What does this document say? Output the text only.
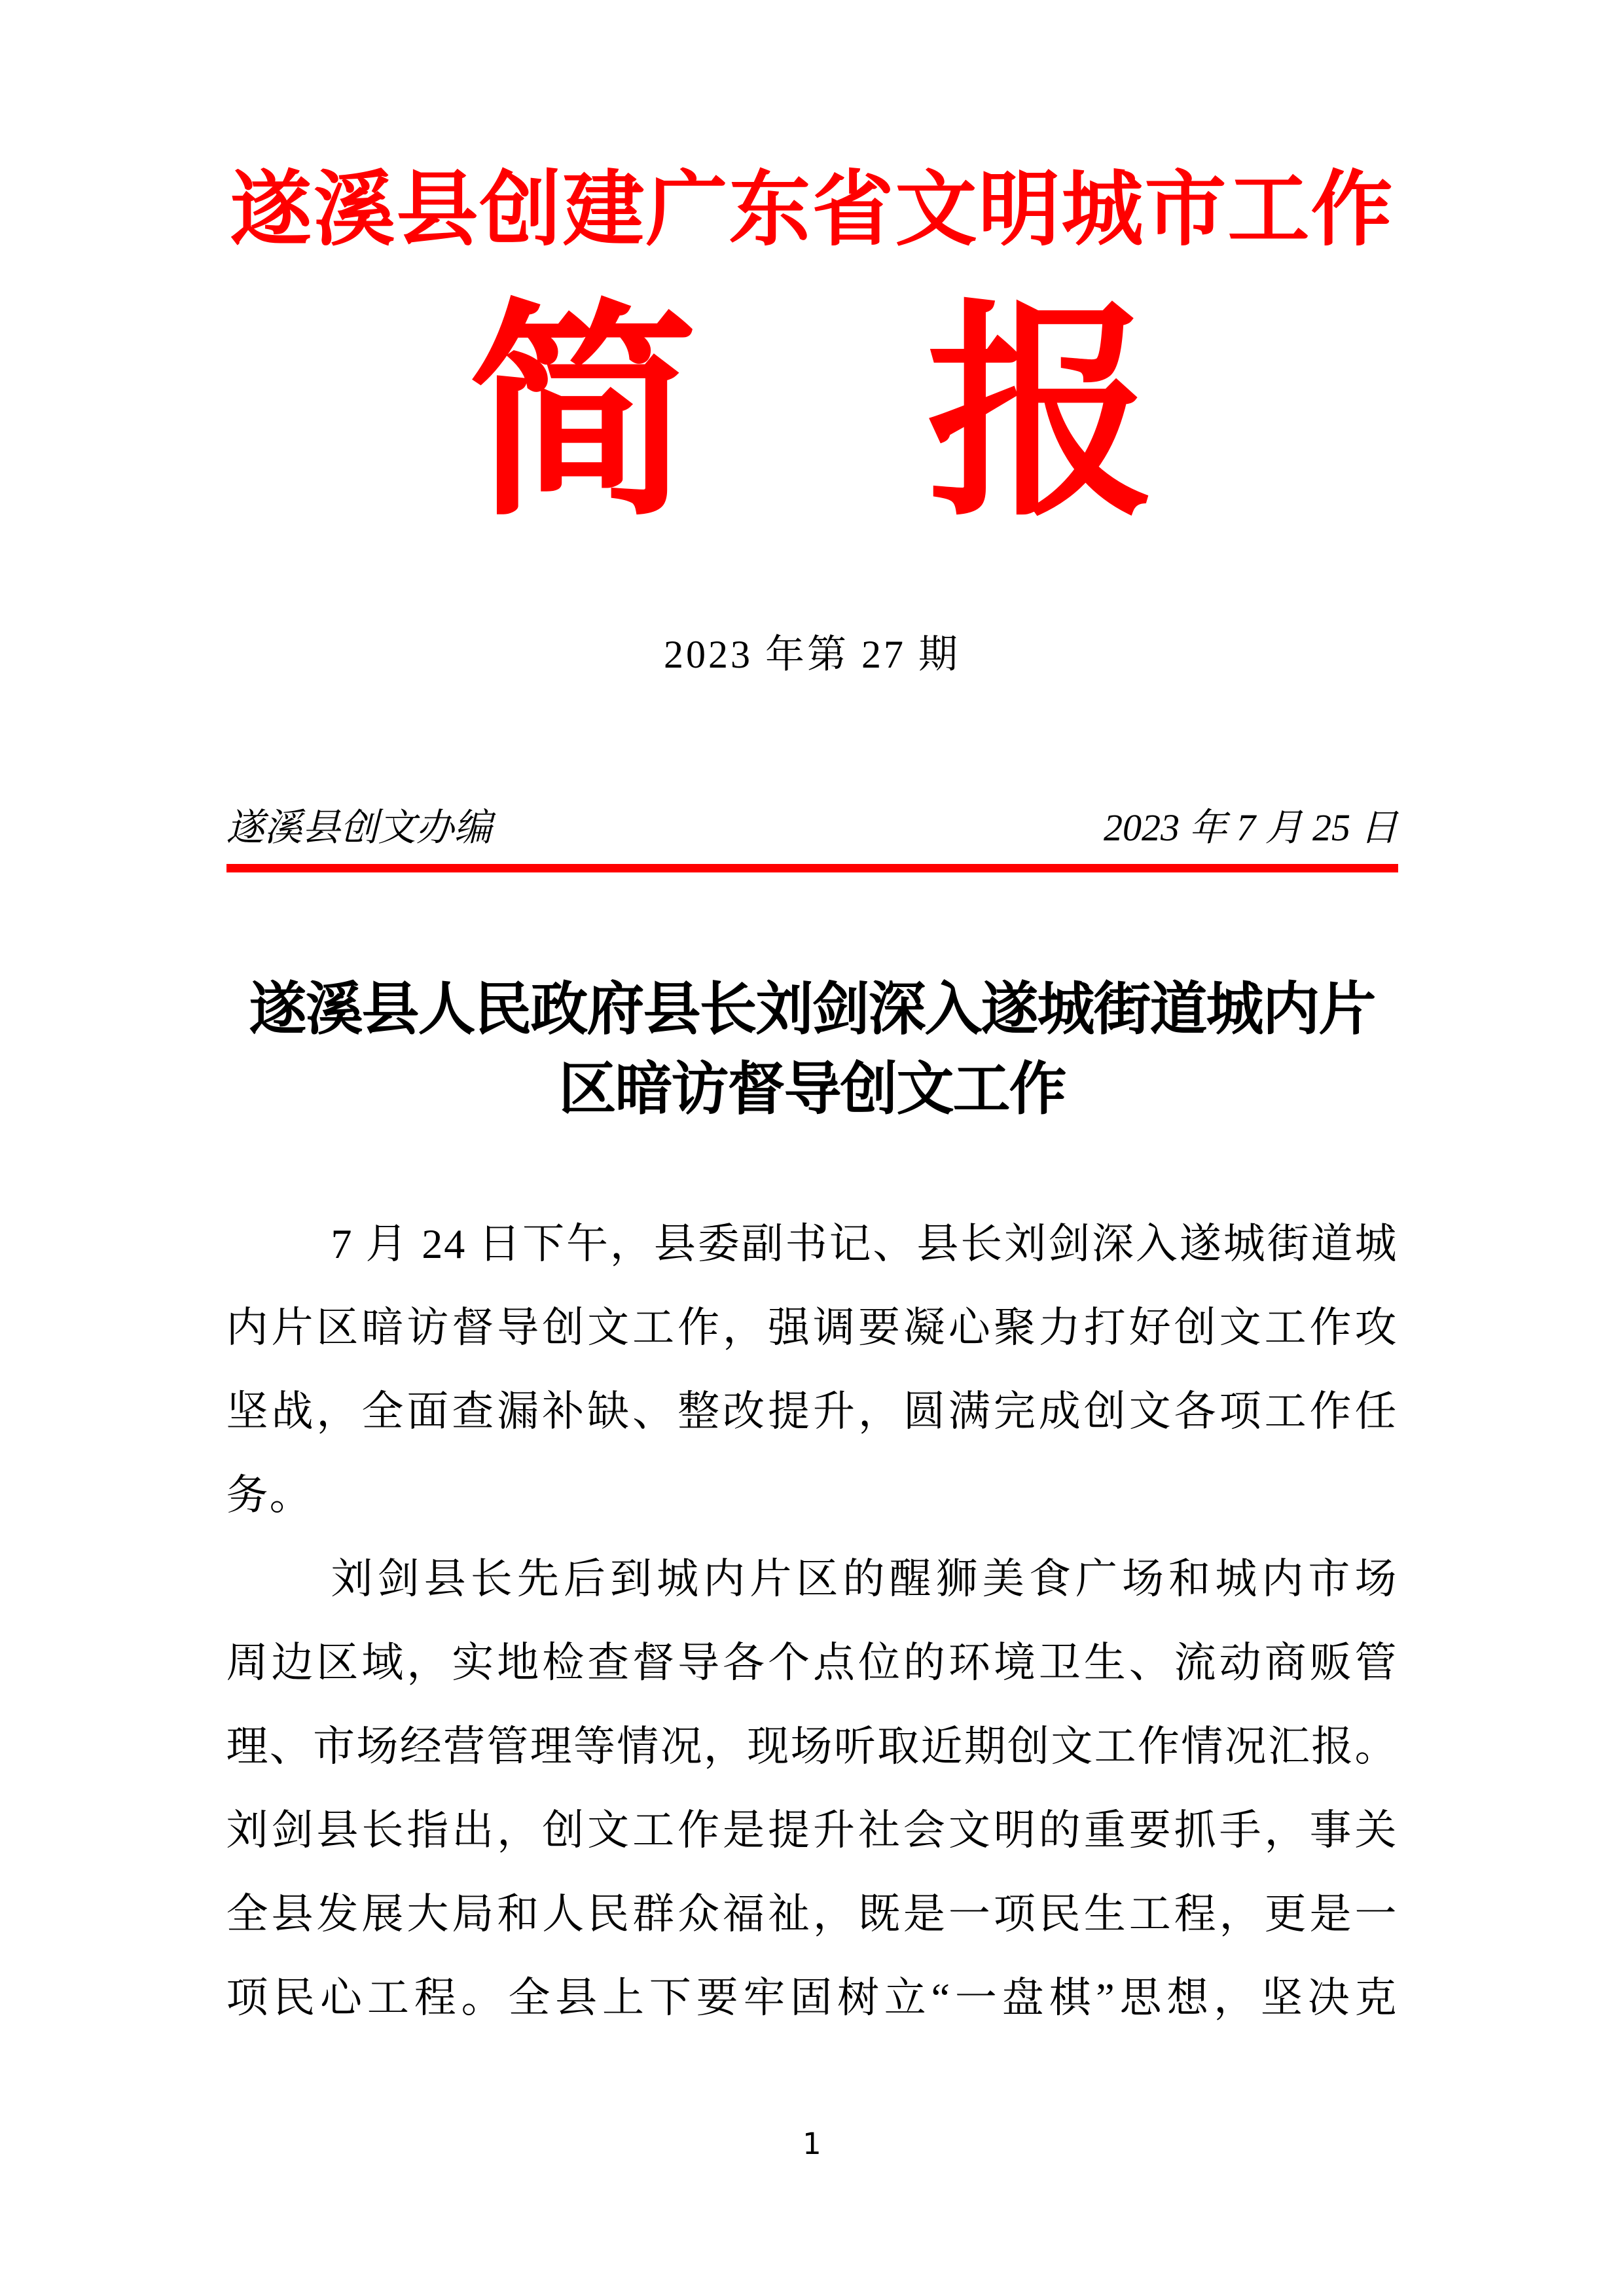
遂溪县创建广东省文明城市工作
简　报
2023 年第 27 期
遂溪县创文办编	2023 年 7 月 25 日
遂溪县人民政府县长刘剑深入遂城街道城内片
区暗访督导创文工作
7 月 24 日下午，县委副书记、县长刘剑深入遂城街道城
内片区暗访督导创文工作，强调要凝心聚力打好创文工作攻
坚战，全面查漏补缺、整改提升，圆满完成创文各项工作任
务。
刘剑县长先后到城内片区的醒狮美食广场和城内市场
周边区域，实地检查督导各个点位的环境卫生、流动商贩管
理、市场经营管理等情况，现场听取近期创文工作情况汇报。
刘剑县长指出，创文工作是提升社会文明的重要抓手，事关
全县发展大局和人民群众福祉，既是一项民生工程，更是一
项民心工程。全县上下要牢固树立“一盘棋”思想，坚决克
1
